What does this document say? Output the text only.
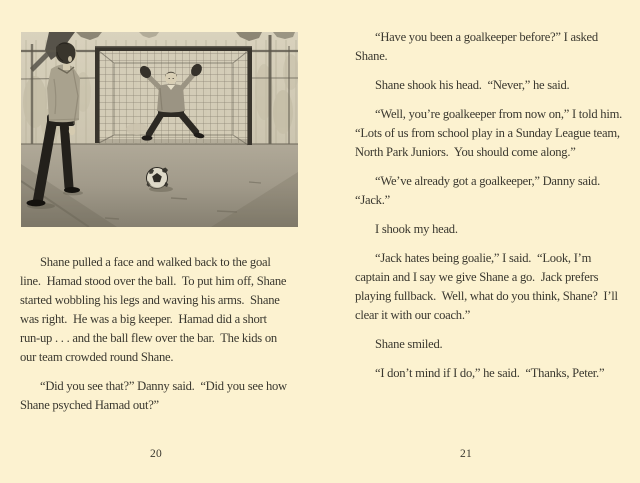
Shane pulled a face and walked back to the goal line.  Hamad stood over the ball.  To put him off, Shane started wobbling his legs and waving his arms.  Shane was right.  He was a big keeper.  Hamad did a short run-up . . . and the ball flew over the bar.  The kids on our team crowded round Shane.

“Did you see that?” Danny said.  “Did you see how Shane psyched Hamad out?”

20

“Have you been a goalkeeper before?” I asked Shane.

Shane shook his head.  “Never,” he said.

“Well, you’re goalkeeper from now on,” I told him.  “Lots of us from school play in a Sunday League team, North Park Juniors.  You should come along.”

“We’ve already got a goalkeeper,” Danny said.  “Jack.”

I shook my head.

“Jack hates being goalie,” I said.  “Look, I’m captain and I say we give Shane a go.  Jack prefers playing fullback.  Well, what do you think, Shane?  I’ll clear it with our coach.”

Shane smiled.

“I don’t mind if I do,” he said.  “Thanks, Peter.”

21
